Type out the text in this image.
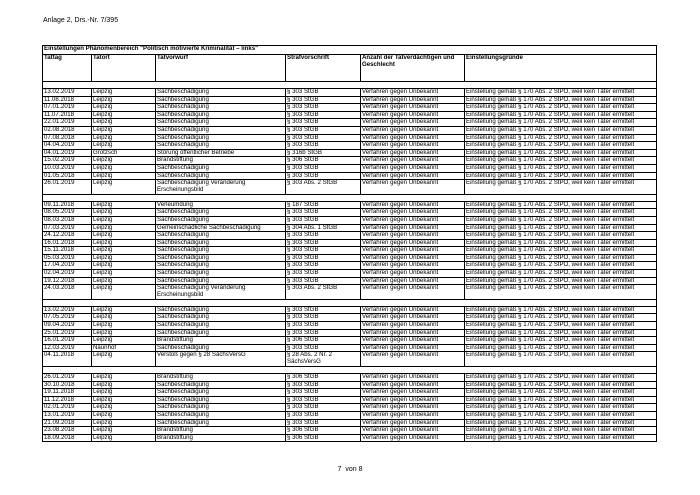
Anlage 2, Drs.-Nr. 7/395
Einstellungen Phänomenbereich "Politisch motivierte Kriminalität – links"					
Tattag	Tatort	Tatvorwurf	Strafvorschrift	Anzahl der Tatverdächtigen und Geschlecht	Einstellungsgründe

13.02.2019	Leipzig	Sachbeschädigung	§ 303 StGB	Verfahren gegen Unbekannt	Einstellung gemäß § 170 Abs. 2 StPO, weil kein Täter ermittelt
11.08.2018	Leipzig	Sachbeschädigung	§ 303 StGB	Verfahren gegen Unbekannt	Einstellung gemäß § 170 Abs. 2 StPO, weil kein Täter ermittelt
07.01.2019	Leipzig	Sachbeschädigung	§ 303 StGB	Verfahren gegen Unbekannt	Einstellung gemäß § 170 Abs. 2 StPO, weil kein Täter ermittelt
11.07.2018	Leipzig	Sachbeschädigung	§ 303 StGB	Verfahren gegen Unbekannt	Einstellung gemäß § 170 Abs. 2 StPO, weil kein Täter ermittelt
22.01.2019	Leipzig	Sachbeschädigung	§ 303 StGB	Verfahren gegen Unbekannt	Einstellung gemäß § 170 Abs. 2 StPO, weil kein Täter ermittelt
02.08.2018	Leipzig	Sachbeschädigung	§ 303 StGB	Verfahren gegen Unbekannt	Einstellung gemäß § 170 Abs. 2 StPO, weil kein Täter ermittelt
07.08.2018	Leipzig	Sachbeschädigung	§ 303 StGB	Verfahren gegen Unbekannt	Einstellung gemäß § 170 Abs. 2 StPO, weil kein Täter ermittelt
04.04.2019	Leipzig	Sachbeschädigung	§ 303 StGB	Verfahren gegen Unbekannt	Einstellung gemäß § 170 Abs. 2 StPO, weil kein Täter ermittelt
04.01.2019	Grotzsch	Störung öffentlicher Betriebe	§ 316b StGB	Verfahren gegen Unbekannt	Einstellung gemäß § 170 Abs. 2 StPO, weil kein Täter ermittelt
15.02.2019	Leipzig	Brandstiftung	§ 306 StGB	Verfahren gegen Unbekannt	Einstellung gemäß § 170 Abs. 2 StPO, weil kein Täter ermittelt
10.03.2019	Leipzig	Sachbeschädigung	§ 303 StGB	Verfahren gegen Unbekannt	Einstellung gemäß § 170 Abs. 2 StPO, weil kein Täter ermittelt
01.05.2018	Leipzig	Sachbeschädigung	§ 303 StGB	Verfahren gegen Unbekannt	Einstellung gemäß § 170 Abs. 2 StPO, weil kein Täter ermittelt
26.01.2019	Leipzig	Sachbeschädigung Veränderung Erscheinungsbild	§ 303 Abs. 2 StGB	Verfahren gegen Unbekannt	Einstellung gemäß § 170 Abs. 2 StPO, weil kein Täter ermittelt

09.11.2018	Leipzig	Verleumdung	§ 187 StGB	Verfahren gegen Unbekannt	Einstellung gemäß § 170 Abs. 2 StPO, weil kein Täter ermittelt
08.05.2019	Leipzig	Sachbeschädigung	§ 303 StGB	Verfahren gegen Unbekannt	Einstellung gemäß § 170 Abs. 2 StPO, weil kein Täter ermittelt
08.03.2018	Leipzig	Sachbeschädigung	§ 303 StGB	Verfahren gegen Unbekannt	Einstellung gemäß § 170 Abs. 2 StPO, weil kein Täter ermittelt
07.03.2019	Leipzig	Gemeinschädliche Sachbeschädigung	§ 304 Abs. 1 StGB	Verfahren gegen Unbekannt	Einstellung gemäß § 170 Abs. 2 StPO, weil kein Täter ermittelt
24.12.2018	Leipzig	Sachbeschädigung	§ 303 StGB	Verfahren gegen Unbekannt	Einstellung gemäß § 170 Abs. 2 StPO, weil kein Täter ermittelt
16.01.2018	Leipzig	Sachbeschädigung	§ 303 StGB	Verfahren gegen Unbekannt	Einstellung gemäß § 170 Abs. 2 StPO, weil kein Täter ermittelt
15.11.2018	Leipzig	Sachbeschädigung	§ 303 StGB	Verfahren gegen Unbekannt	Einstellung gemäß § 170 Abs. 2 StPO, weil kein Täter ermittelt
05.03.2019	Leipzig	Sachbeschädigung	§ 303 StGB	Verfahren gegen Unbekannt	Einstellung gemäß § 170 Abs. 2 StPO, weil kein Täter ermittelt
17.04.2019	Leipzig	Sachbeschädigung	§ 303 StGB	Verfahren gegen Unbekannt	Einstellung gemäß § 170 Abs. 2 StPO, weil kein Täter ermittelt
02.04.2019	Leipzig	Sachbeschädigung	§ 303 StGB	Verfahren gegen Unbekannt	Einstellung gemäß § 170 Abs. 2 StPO, weil kein Täter ermittelt
19.12.2018	Leipzig	Sachbeschädigung	§ 303 StGB	Verfahren gegen Unbekannt	Einstellung gemäß § 170 Abs. 2 StPO, weil kein Täter ermittelt
24.03.2018	Leipzig	Sachbeschädigung Veränderung Erscheinungsbild	§ 303 Abs. 2 StGB	Verfahren gegen Unbekannt	Einstellung gemäß § 170 Abs. 2 StPO, weil kein Täter ermittelt

13.02.2019	Leipzig	Sachbeschädigung	§ 303 StGB	Verfahren gegen Unbekannt	Einstellung gemäß § 170 Abs. 2 StPO, weil kein Täter ermittelt
07.05.2019	Leipzig	Sachbeschädigung	§ 303 StGB	Verfahren gegen Unbekannt	Einstellung gemäß § 170 Abs. 2 StPO, weil kein Täter ermittelt
09.04.2019	Leipzig	Sachbeschädigung	§ 303 StGB	Verfahren gegen Unbekannt	Einstellung gemäß § 170 Abs. 2 StPO, weil kein Täter ermittelt
25.01.2019	Leipzig	Sachbeschädigung	§ 303 StGB	Verfahren gegen Unbekannt	Einstellung gemäß § 170 Abs. 2 StPO, weil kein Täter ermittelt
16.01.2019	Leipzig	Brandstiftung	§ 306 StGB	Verfahren gegen Unbekannt	Einstellung gemäß § 170 Abs. 2 StPO, weil kein Täter ermittelt
12.03.2019	Naunhof	Sachbeschädigung	§ 303 StGB	Verfahren gegen Unbekannt	Einstellung gemäß § 170 Abs. 2 StPO, weil kein Täter ermittelt
04.11.2018	Leipzig	Verstoß gegen § 28 SächsVersG	§ 28 Abs. 2 Nr. 2 SächsVersG	Verfahren gegen Unbekannt	Einstellung gemäß § 170 Abs. 2 StPO, weil kein Täter ermittelt

26.01.2019	Leipzig	Brandstiftung	§ 306 StGB	Verfahren gegen Unbekannt	Einstellung gemäß § 170 Abs. 2 StPO, weil kein Täter ermittelt
30.10.2018	Leipzig	Sachbeschädigung	§ 303 StGB	Verfahren gegen Unbekannt	Einstellung gemäß § 170 Abs. 2 StPO, weil kein Täter ermittelt
19.11.2018	Leipzig	Sachbeschädigung	§ 303 StGB	Verfahren gegen Unbekannt	Einstellung gemäß § 170 Abs. 2 StPO, weil kein Täter ermittelt
11.12.2018	Leipzig	Sachbeschädigung	§ 303 StGB	Verfahren gegen Unbekannt	Einstellung gemäß § 170 Abs. 2 StPO, weil kein Täter ermittelt
02.01.2019	Leipzig	Sachbeschädigung	§ 303 StGB	Verfahren gegen Unbekannt	Einstellung gemäß § 170 Abs. 2 StPO, weil kein Täter ermittelt
13.01.2019	Leipzig	Sachbeschädigung	§ 303 StGB	Verfahren gegen Unbekannt	Einstellung gemäß § 170 Abs. 2 StPO, weil kein Täter ermittelt
21.09.2018	Leipzig	Sachbeschädigung	§ 303 StGB	Verfahren gegen Unbekannt	Einstellung gemäß § 170 Abs. 2 StPO, weil kein Täter ermittelt
23.08.2018	Leipzig	Brandstiftung	§ 306 StGB	Verfahren gegen Unbekannt	Einstellung gemäß § 170 Abs. 2 StPO, weil kein Täter ermittelt
18.09.2018	Leipzig	Brandstiftung	§ 306 StGB	Verfahren gegen Unbekannt	Einstellung gemäß § 170 Abs. 2 StPO, weil kein Täter ermittelt
7 von 8
